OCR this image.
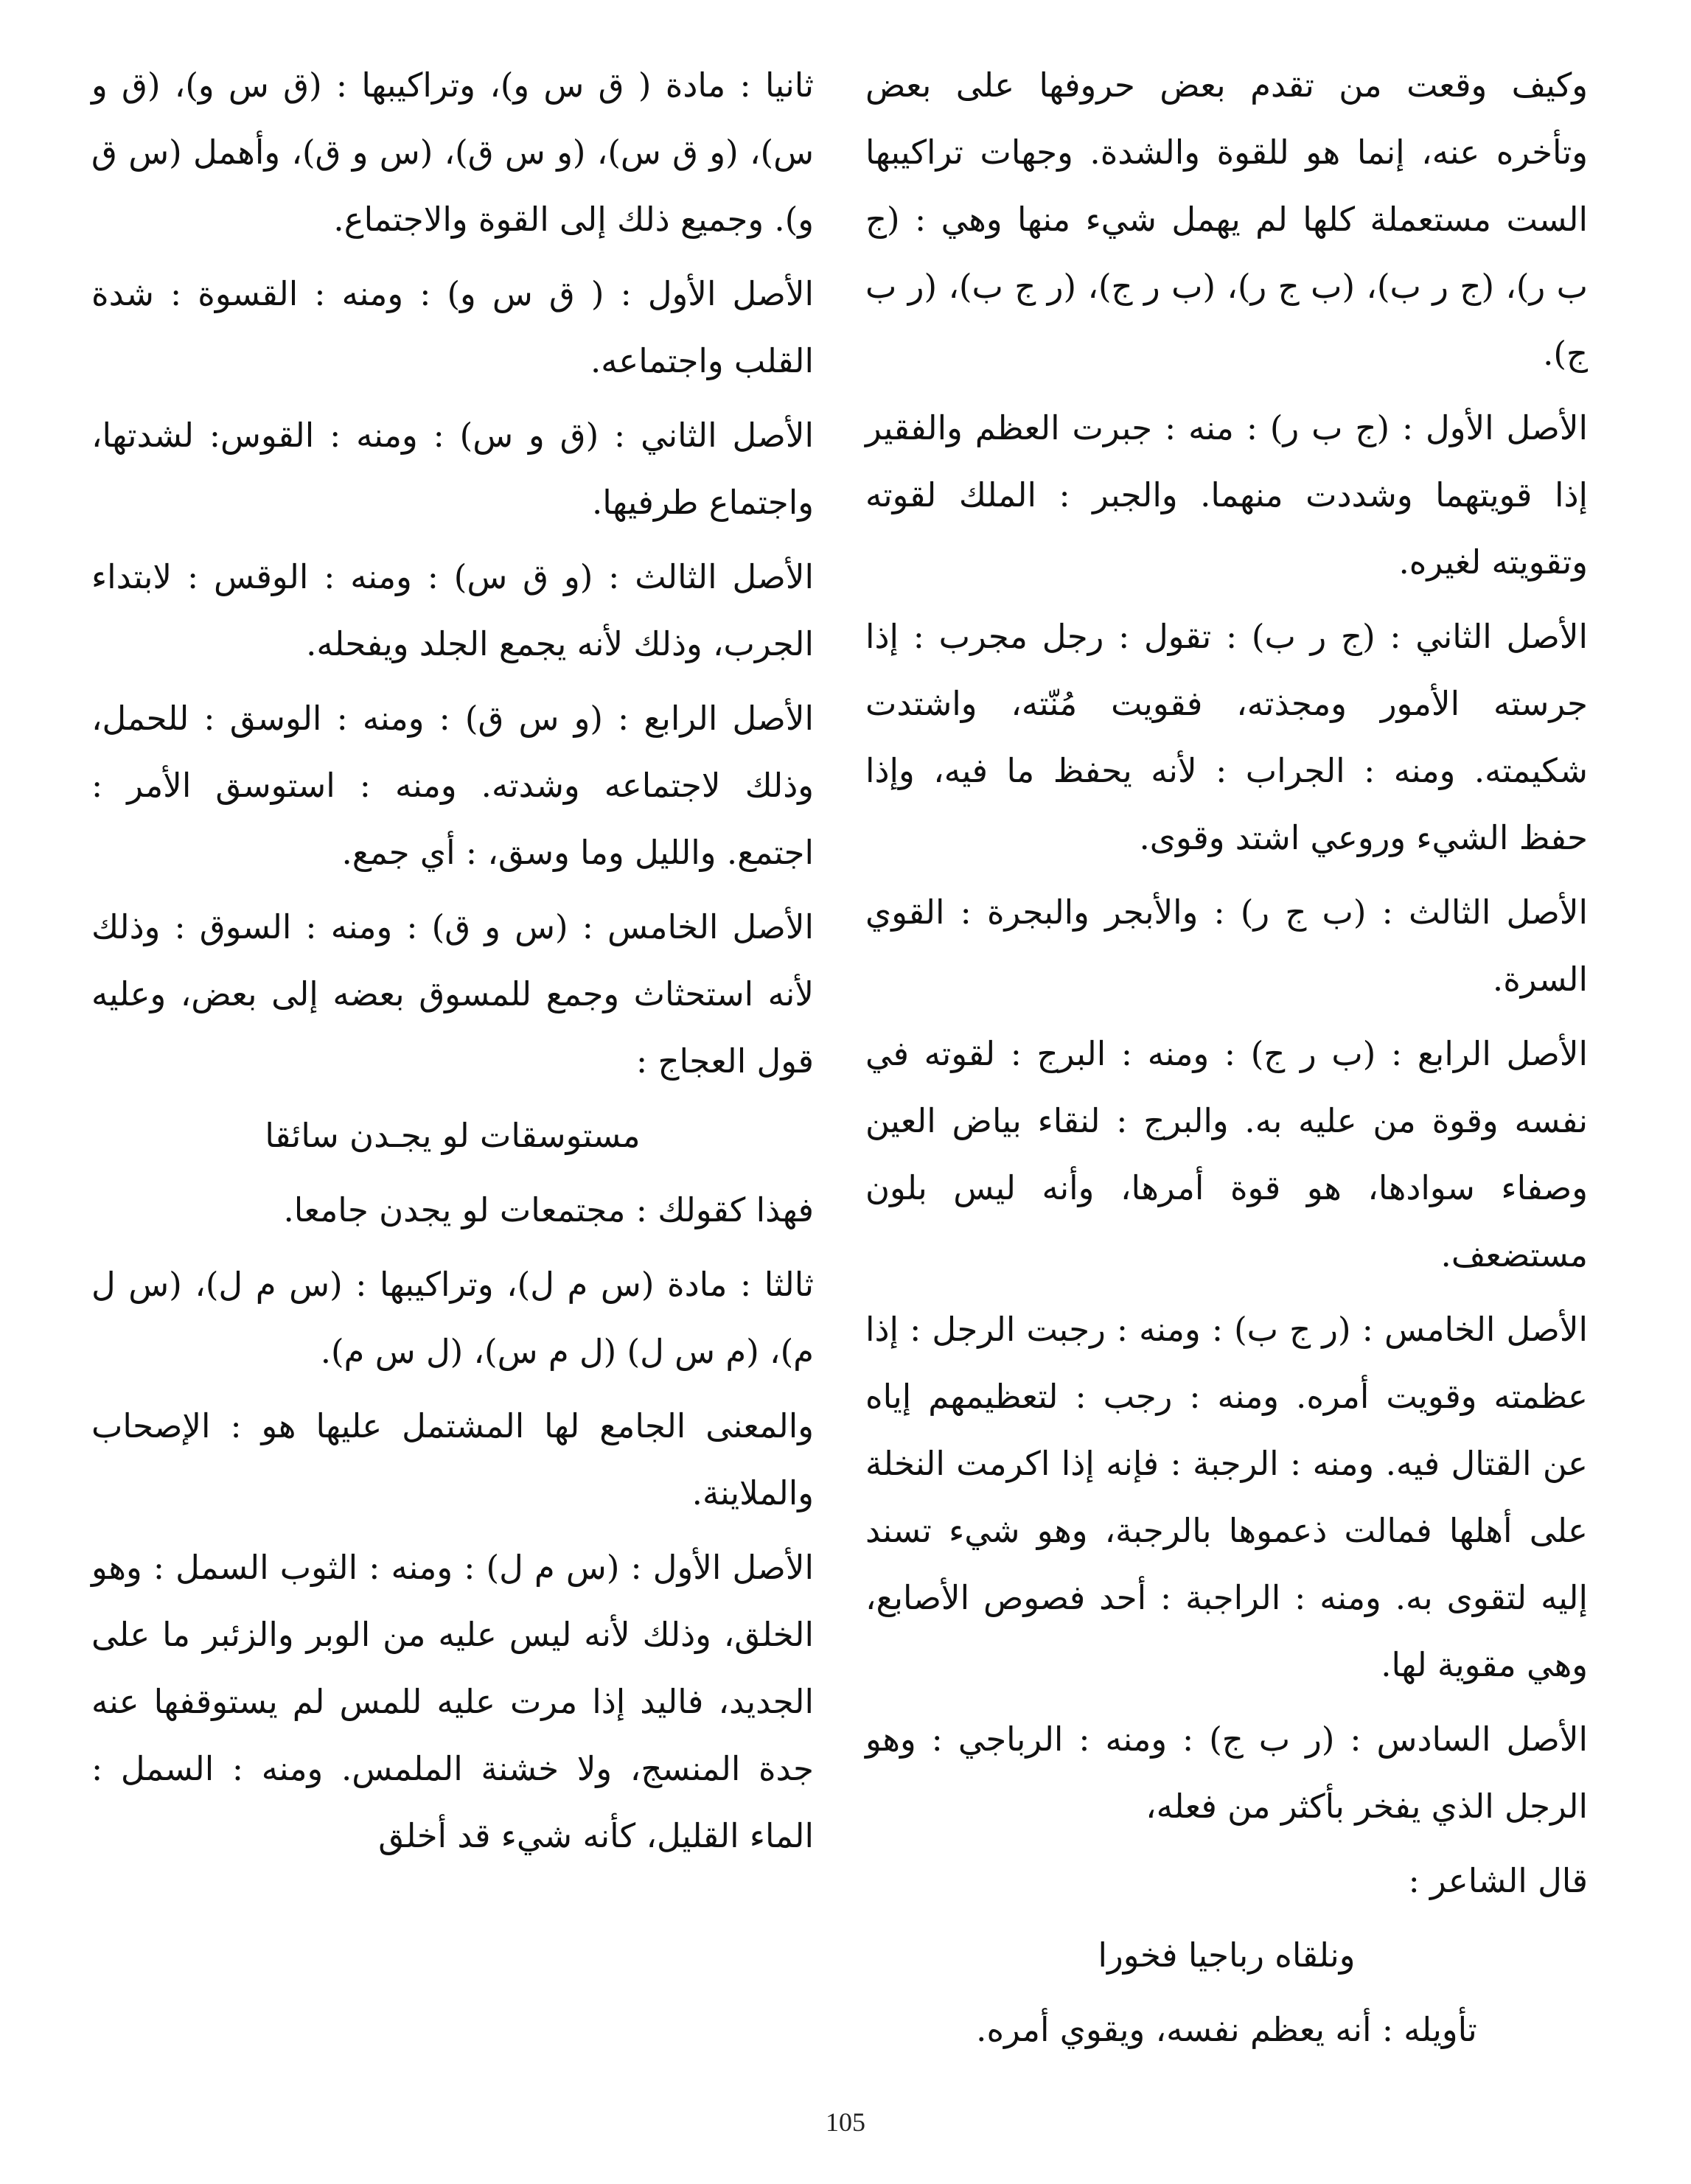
وكيف وقعت من تقدم بعض حروفها على بعض وتأخره عنه، إنما هو للقوة والشدة. وجهات تراكيبها الست مستعملة كلها لم يهمل شيء منها وهي : (ج ب ر)، (ج ر ب)، (ب ج ر)، (ب ر ج)، (ر ج ب)، (ر ب ج).

الأصل الأول : (ج ب ر) : منه : جبرت العظم والفقير إذا قويتهما وشددت منهما. والجبر : الملك لقوته وتقويته لغيره.

الأصل الثاني : (ج ر ب) : تقول : رجل مجرب : إذا جرسته الأمور ومجذته، فقويت مُنّته، واشتدت شكيمته. ومنه : الجراب : لأنه يحفظ ما فيه، وإذا حفظ الشيء وروعي اشتد وقوى.

الأصل الثالث : (ب ج ر) : والأبجر والبجرة : القوي السرة.

الأصل الرابع : (ب ر ج) : ومنه : البرج : لقوته في نفسه وقوة من عليه به. والبرج : لنقاء بياض العين وصفاء سوادها، هو قوة أمرها، وأنه ليس بلون مستضعف.

الأصل الخامس : (ر ج ب) : ومنه : رجبت الرجل : إذا عظمته وقويت أمره. ومنه : رجب : لتعظيمهم إياه عن القتال فيه. ومنه : الرجبة : فإنه إذا اكرمت النخلة على أهلها فمالت ذعموها بالرجبة، وهو شيء تسند إليه لتقوى به. ومنه : الراجبة : أحد فصوص الأصابع، وهي مقوية لها.

الأصل السادس : (ر ب ج) : ومنه : الرباجي : وهو الرجل الذي يفخر بأكثر من فعله،

قال الشاعر :

ونلقاه رباجيا فخورا

تأويله : أنه يعظم نفسه، ويقوي أمره.

ثانيا : مادة ( ق س و)، وتراكيبها : (ق س و)، (ق و س)، (و ق س)، (و س ق)، (س و ق)، وأهمل (س ق و). وجميع ذلك إلى القوة والاجتماع.

الأصل الأول : ( ق س و) : ومنه : القسوة : شدة القلب واجتماعه.

الأصل الثاني : (ق و س) : ومنه : القوس: لشدتها، واجتماع طرفيها.

الأصل الثالث : (و ق س) : ومنه : الوقس : لابتداء الجرب، وذلك لأنه يجمع الجلد ويفحله.

الأصل الرابع : (و س ق) : ومنه : الوسق : للحمل، وذلك لاجتماعه وشدته. ومنه : استوسق الأمر : اجتمع. والليل وما وسق، : أي جمع.

الأصل الخامس : (س و ق) : ومنه : السوق : وذلك لأنه استحثاث وجمع للمسوق بعضه إلى بعض، وعليه قول العجاج :

مستوسقات لو يجـدن سائقا

فهذا كقولك : مجتمعات لو يجدن جامعا.

ثالثا : مادة (س م ل)، وتراكيبها : (س م ل)، (س ل م)، (م س ل) (ل م س)، (ل س م).

والمعنى الجامع لها المشتمل عليها هو : الإصحاب والملاينة.

الأصل الأول : (س م ل) : ومنه : الثوب السمل : وهو الخلق، وذلك لأنه ليس عليه من الوبر والزئبر ما على الجديد، فاليد إذا مرت عليه للمس لم يستوقفها عنه جدة المنسج، ولا خشنة الملمس. ومنه : السمل : الماء القليل، كأنه شيء قد أخلق

105
